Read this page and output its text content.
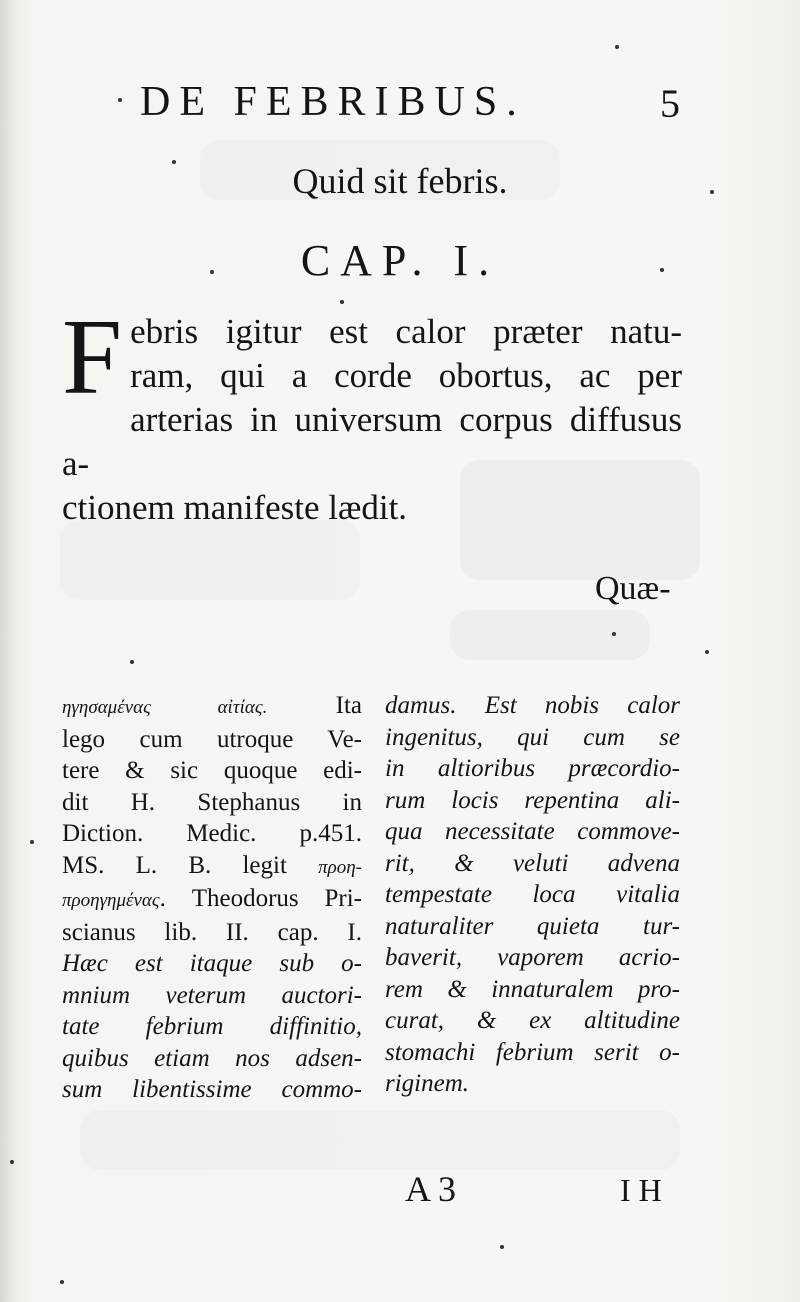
DE FEBRIBUS.	5
Quid sit febris.
CAP. I.
F ebris igitur est calor præter natu-
ram, qui a corde obortus, ac per
arterias in universum corpus diffusus a-
ctionem manifeste lædit.
Quæ-
ηγησαμέvας αἰτίας.	Ita
lego cum utroque Ve-
tere & sic quoque edi-
dit H. Stephanus in
Diction. Medic. p.451.
MS. L. B. legit προη-
προηγημένας. Theodorus Pri-
scianus lib. II. cap. I.
Hæc est itaque sub o-
mnium veterum auctori-
tate febrium diffinitio,
quibus etiam nos adsen-
sum libentissime commo-
damus. Est nobis calor
ingenitus, qui cum se
in altioribus præcordio-
rum locis repentina ali-
qua necessitate commove-
rit, & veluti advena
tempestate loca vitalia
naturaliter quieta tur-
baverit, vaporem acrio-
rem & innaturalem pro-
curat, & ex altitudine
stomachi febrium serit o-
riginem.
A 3	I H
